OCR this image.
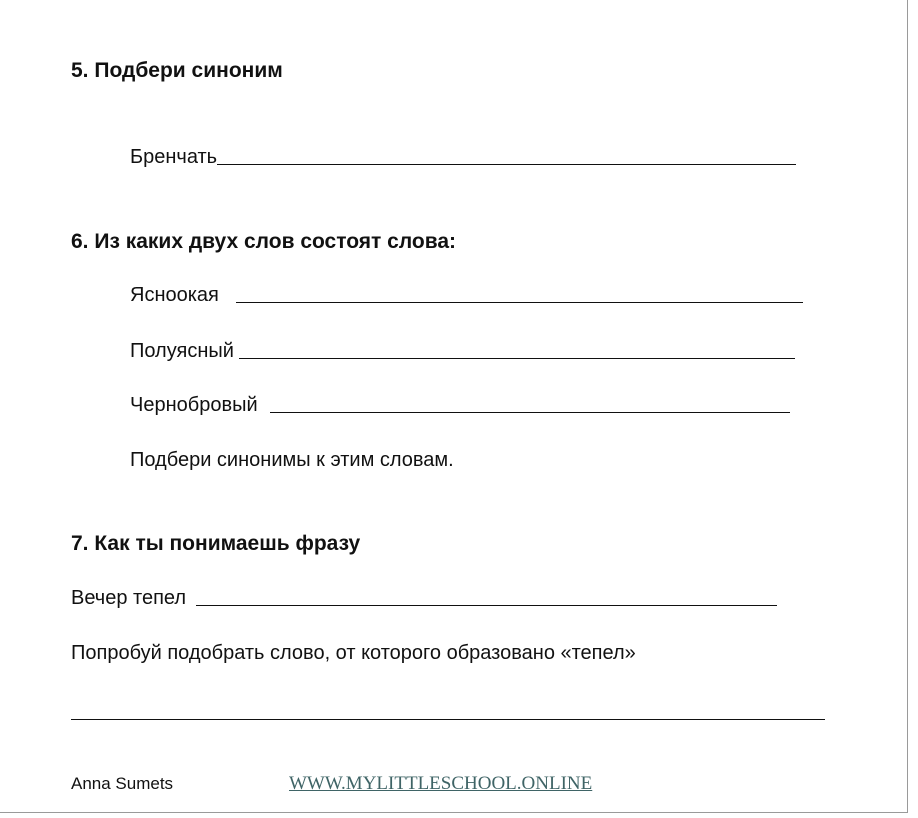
5. Подбери синоним
Бренчать
6. Из каких двух слов состоят слова:
Ясноокая
Полуясный
Чернобровый

Подбери синонимы к этим словам.

7. Как ты понимаешь фразу
Вечер тепел

Попробуй подобрать слово, от которого образовано «тепел»

Anna Sumets	WWW.MYLITTLESCHOOL.ONLINE
